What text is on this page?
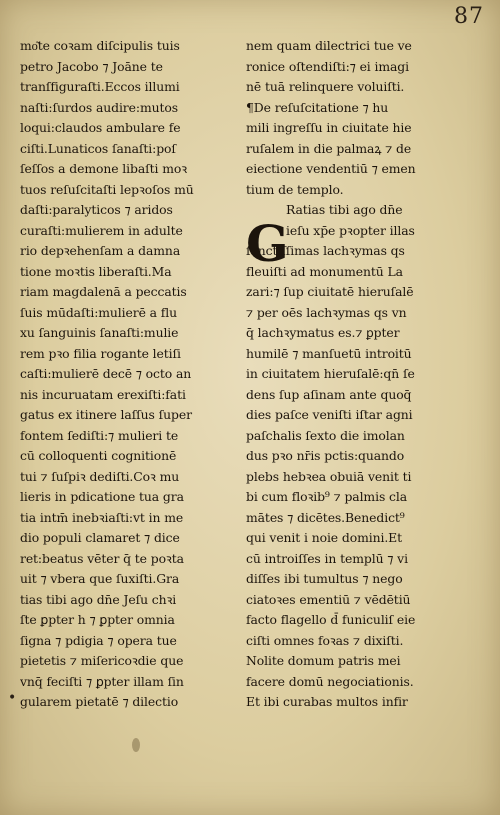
87
mo͂te coꝛam diſcipulis tuis
petro Jacobo ⁊ Joāne te
tranſfiguraſti.Eccos illumi
naſti:ſurdos audire:mutos
loqui:claudos ambulare fe
ciſti.Lunaticos ſanaſti:poſ
ſeſſos a demone libaſti moꝛ
tuos reſuſcitaſti lepꝛoſos mū
daſti:paralyticos ⁊ aridos
curaſti:mulierem in adulte
rio depꝛehenſam a damna
tione moꝛtis liberaſti.Ma
riam magdalenā a peccatis
ſuis mūdaſti:mulierē a flu
xu ſanguinis ſanaſti:mulie
rem pꝛo filia rogante letiſi
caſti:mulierē decē ⁊ octo an
nis incuruatam erexiſti:fati
gatus ex itinere laſſus ſuper
fontem ſediſti:⁊ mulieri te
cū colloquenti cognitionē
tui ⁊ ſuſpiꝛ dediſti.Coꝛ mu
lieris in pdicatione tua gra
tia intm̄ inebꝛiaſti:vt in me
dio populi clamaret ⁊ dice
ret:beatus vēter q̄ te poꝛta
uit ⁊ vbera que ſuxiſti.Gra
tias tibi ago dn̄e Jeſu chꝛi
ſte ꝑpter h ⁊ ꝑpter omnia
ſigna ⁊ pdigia ⁊ opera tue
pietetis ⁊ miſericoꝛdie que
vnq̄ feciſti ⁊ ꝑpter illam ſin
gularem pietatē ⁊ dilectio
G
nem quam dilectrici tue ve
ronice oſtendiſti:⁊ ei imagi
nē tuā relinquere voluiſti.
¶De reſuſcitatione ⁊ hu
mili ingreſſu in ciuitate hie
ruſalem in die palmaꝝ ⁊ de
eiectione vendentiū ⁊ emen
tium de templo.
Ratias tibi ago dn̄e
ieſu xp̄e pꝛopter illas
ſanctiſſimas lachꝛymas qs
fleuiſti ad monumentū La
zari:⁊ ſup ciuitatē hieruſalē
⁊ per oēs lachꝛymas qs vn
q̄ lachꝛymatus es.⁊ ꝑpter
humilē ⁊ manſuetū introitū
in ciuitatem hieruſalē:qn̄ ſe
dens ſup aſinam ante quoq̄
dies paſce veniſti iſtar agni
paſchalis ſexto die imolan
dus pꝛo nr̄is pctis:quando
plebs hebꝛea obuiā venit ti
bi cum floꝛib⁹ ⁊ palmis cla
mātes ⁊ dicētes.Benedict⁹
qui venit i noie domini.Et
cū introiſſes in templū ⁊ vi
diſſes ibi tumultus ⁊ nego
ciatoꝛes ementiū ⁊ vēdētiū
facto flagello d̄ funiculiſ eie
ciſti omnes foꝛas ⁊ dixiſti.
Nolite domum patris mei
facere domū negociationis.
Et ibi curabas multos infir
•
